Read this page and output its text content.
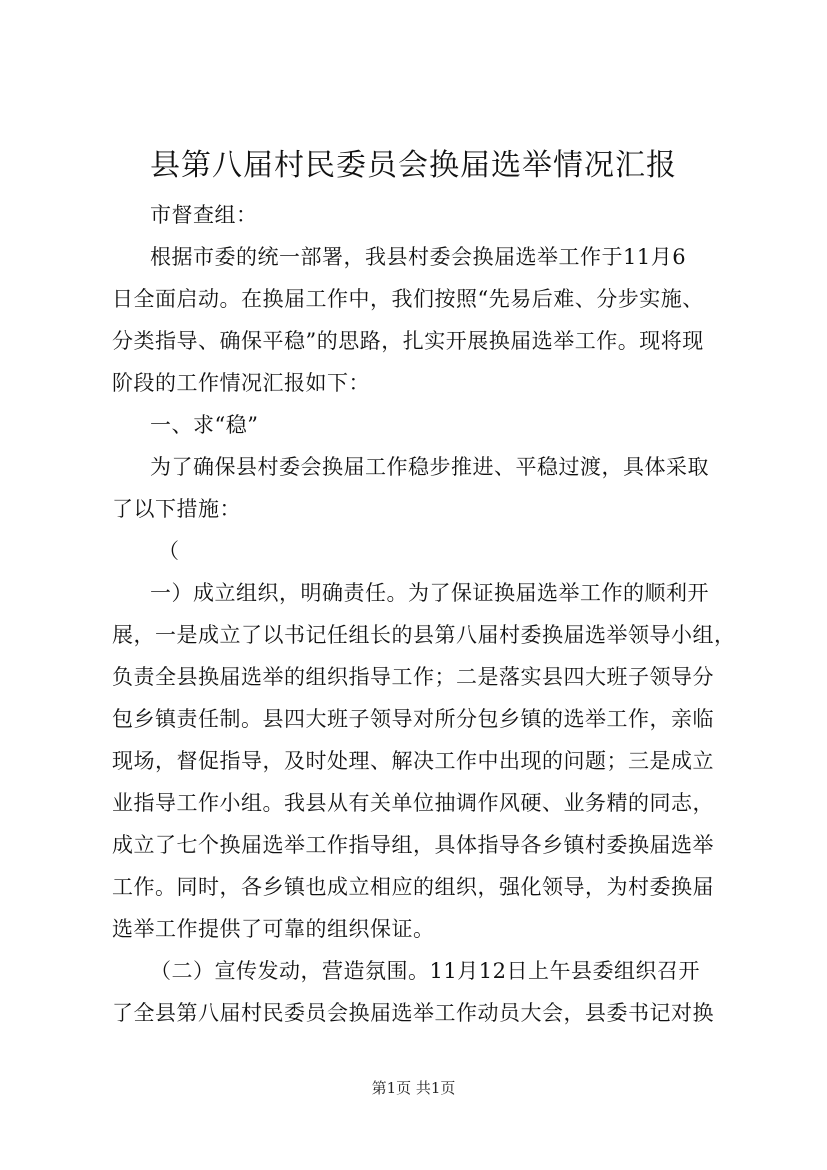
县第八届村民委员会换届选举情况汇报
市督查组：
根据市委的统一部署，我县村委会换届选举工作于11月6
日全面启动。在换届工作中，我们按照“先易后难、分步实施、
分类指导、确保平稳”的思路，扎实开展换届选举工作。现将现
阶段的工作情况汇报如下：
一、求“稳”
为了确保县村委会换届工作稳步推进、平稳过渡，具体采取
了以下措施：
（
一）成立组织，明确责任。为了保证换届选举工作的顺利开
展，一是成立了以书记任组长的县第八届村委换届选举领导小组，
负责全县换届选举的组织指导工作；二是落实县四大班子领导分
包乡镇责任制。县四大班子领导对所分包乡镇的选举工作，亲临
现场，督促指导，及时处理、解决工作中出现的问题；三是成立
业指导工作小组。我县从有关单位抽调作风硬、业务精的同志，
成立了七个换届选举工作指导组，具体指导各乡镇村委换届选举
工作。同时，各乡镇也成立相应的组织，强化领导，为村委换届
选举工作提供了可靠的组织保证。
（二）宣传发动，营造氛围。11月12日上午县委组织召开
了全县第八届村民委员会换届选举工作动员大会，县委书记对换
第1页 共1页
